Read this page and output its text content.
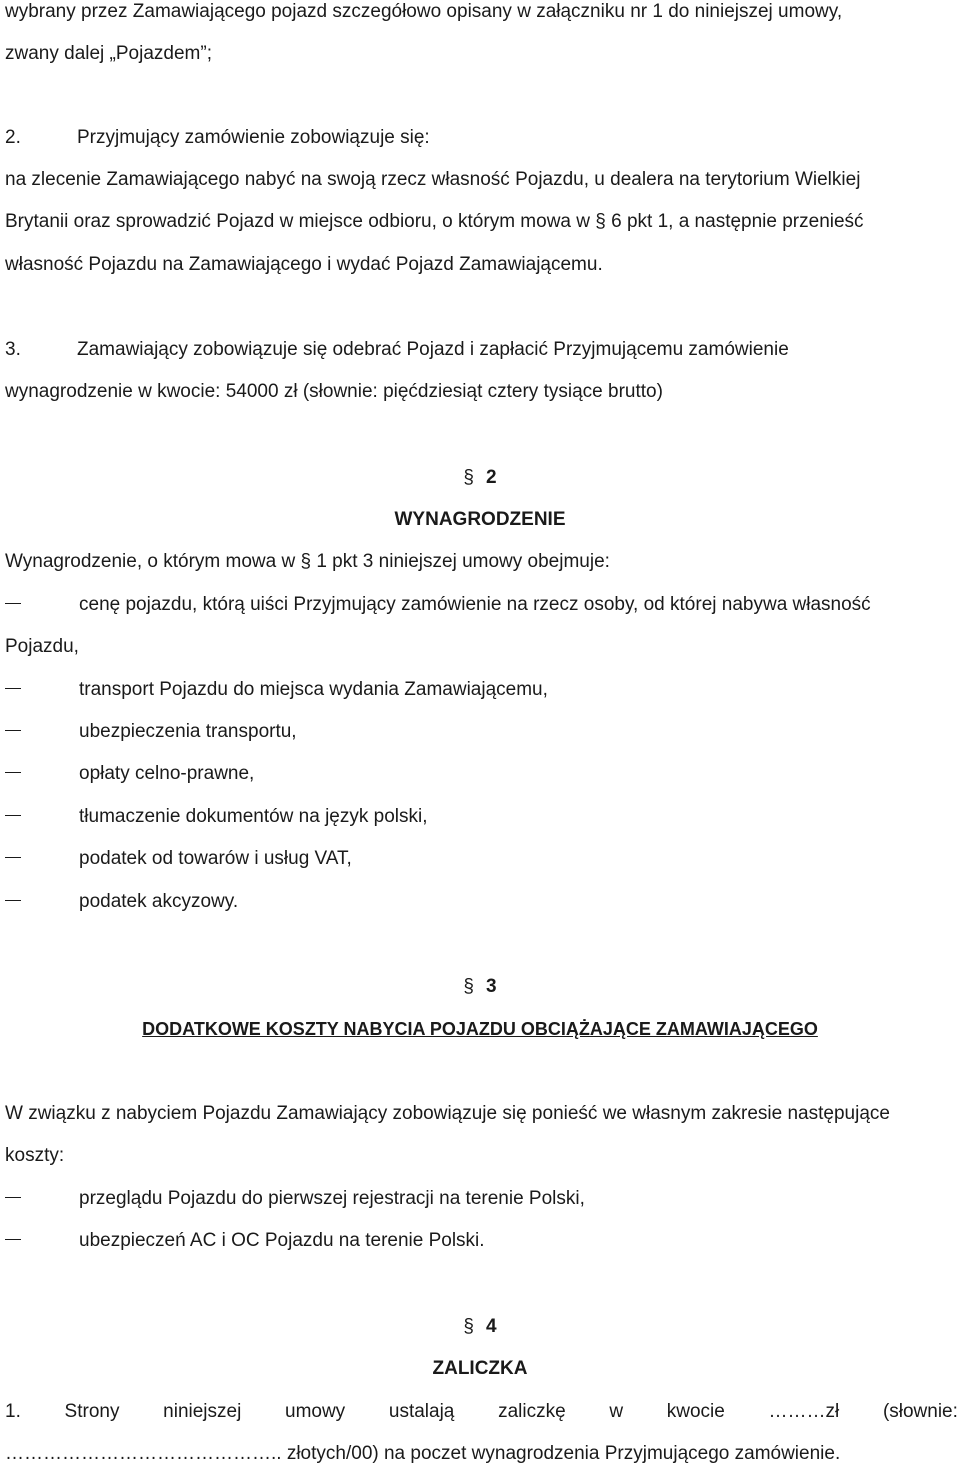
wybrany przez Zamawiającego pojazd szczegółowo opisany w załączniku nr 1 do niniejszej umowy,
zwany dalej „Pojazdem”;
2.	Przyjmujący zamówienie zobowiązuje się:
na zlecenie Zamawiającego nabyć na swoją rzecz własność Pojazdu, u dealera na terytorium Wielkiej
Brytanii oraz sprowadzić Pojazd w miejsce odbioru, o którym mowa w § 6 pkt 1, a następnie przenieść
własność Pojazdu na Zamawiającego i wydać Pojazd Zamawiającemu.
3.	Zamawiający zobowiązuje się odebrać Pojazd i zapłacić Przyjmującemu zamówienie
wynagrodzenie w kwocie: 54000 zł (słownie: pięćdziesiąt cztery tysiące brutto)
§ 2
WYNAGRODZENIE
Wynagrodzenie, o którym mowa w § 1 pkt 3 niniejszej umowy obejmuje:
cenę pojazdu, którą uiści Przyjmujący zamówienie na rzecz osoby, od której nabywa własność
Pojazdu,
transport Pojazdu do miejsca wydania Zamawiającemu,
ubezpieczenia transportu,
opłaty celno-prawne,
tłumaczenie dokumentów na język polski,
podatek od towarów i usług VAT,
podatek akcyzowy.
§ 3
DODATKOWE KOSZTY NABYCIA POJAZDU OBCIĄŻAJĄCE ZAMAWIAJĄCEGO
W związku z nabyciem Pojazdu Zamawiający zobowiązuje się ponieść we własnym zakresie następujące
koszty:
przeglądu Pojazdu do pierwszej rejestracji na terenie Polski,
ubezpieczeń AC i OC Pojazdu na terenie Polski.
§ 4
ZALICZKA
1. Strony niniejszej umowy ustalają zaliczkę w kwocie ………zł (słownie:
…………………………………….. złotych/00) na poczet wynagrodzenia Przyjmującego zamówienie.
